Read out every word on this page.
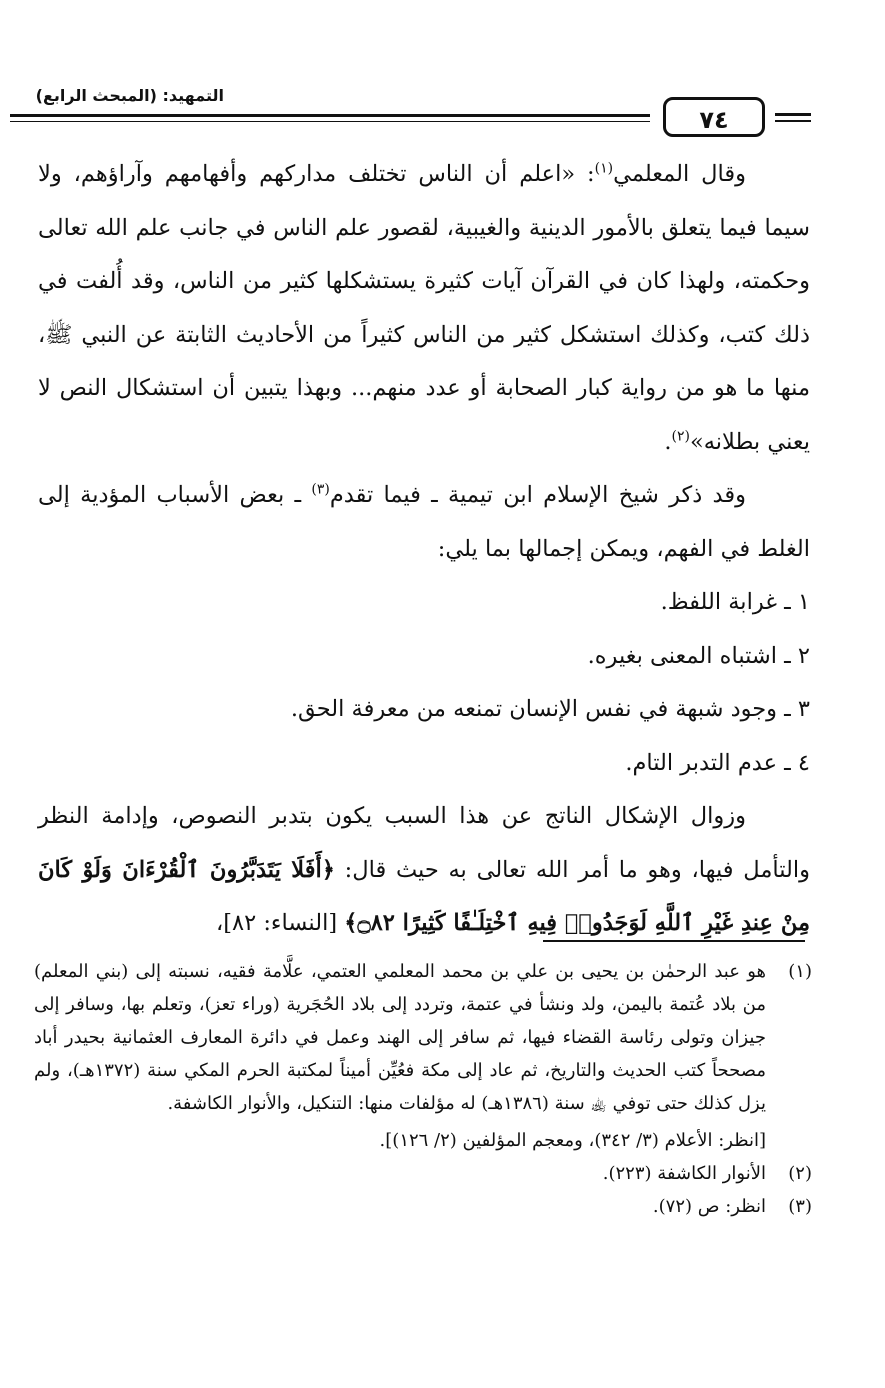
التمهيد: (المبحث الرابع)
٧٤

وقال المعلمي$^{(١)}$: «اعلم أن الناس تختلف مداركهم وأفهامهم وآراؤهم، ولا سيما فيما يتعلق بالأمور الدينية والغيبية، لقصور علم الناس في جانب علم الله تعالى وحكمته، ولهذا كان في القرآن آيات كثيرة يستشكلها كثير من الناس، وقد أُلفت في ذلك كتب، وكذلك استشكل كثير من الناس كثيراً من الأحاديث الثابتة عن النبي ﷺ، منها ما هو من رواية كبار الصحابة أو عدد منهم... وبهذا يتبين أن استشكال النص لا يعني بطلانه»$^{(٢)}$.

وقد ذكر شيخ الإسلام ابن تيمية ـ فيما تقدم$^{(٣)}$ ـ بعض الأسباب المؤدية إلى الغلط في الفهم، ويمكن إجمالها بما يلي:

١ ـ غرابة اللفظ.
٢ ـ اشتباه المعنى بغيره.
٣ ـ وجود شبهة في نفس الإنسان تمنعه من معرفة الحق.
٤ ـ عدم التدبر التام.

وزوال الإشكال الناتج عن هذا السبب يكون بتدبر النصوص، وإدامة النظر والتأمل فيها، وهو ما أمر الله تعالى به حيث قال: ﴿أَفَلَا يَتَدَبَّرُونَ ٱلْقُرْءَانَ وَلَوْ كَانَ مِنْ عِندِ غَيْرِ ٱللَّهِ لَوَجَدُوا۟ فِيهِ ٱخْتِلَـٰفًا كَثِيرًا ۝٨٢﴾ [النساء: ٨٢]،

(١)
هو عبد الرحمٰن بن يحيى بن علي بن محمد المعلمي العتمي، علَّامة فقيه، نسبته إلى (بني المعلم) من بلاد عُتمة باليمن، ولد ونشأ في عتمة، وتردد إلى بلاد الحُجَرية (وراء تعز)، وتعلم بها، وسافر إلى جيزان وتولى رئاسة القضاء فيها، ثم سافر إلى الهند وعمل في دائرة المعارف العثمانية بحيدر أباد مصححاً كتب الحديث والتاريخ، ثم عاد إلى مكة فعُيِّن أميناً لمكتبة الحرم المكي سنة (١٣٧٢هـ)، ولم يزل كذلك حتى توفي ﵀ سنة (١٣٨٦هـ) له مؤلفات منها: التنكيل، والأنوار الكاشفة.
[انظر: الأعلام (٣/ ٣٤٢)، ومعجم المؤلفين (٢/ ١٢٦)].
(٢)
الأنوار الكاشفة (٢٢٣).
(٣)
انظر: ص (٧٢).
